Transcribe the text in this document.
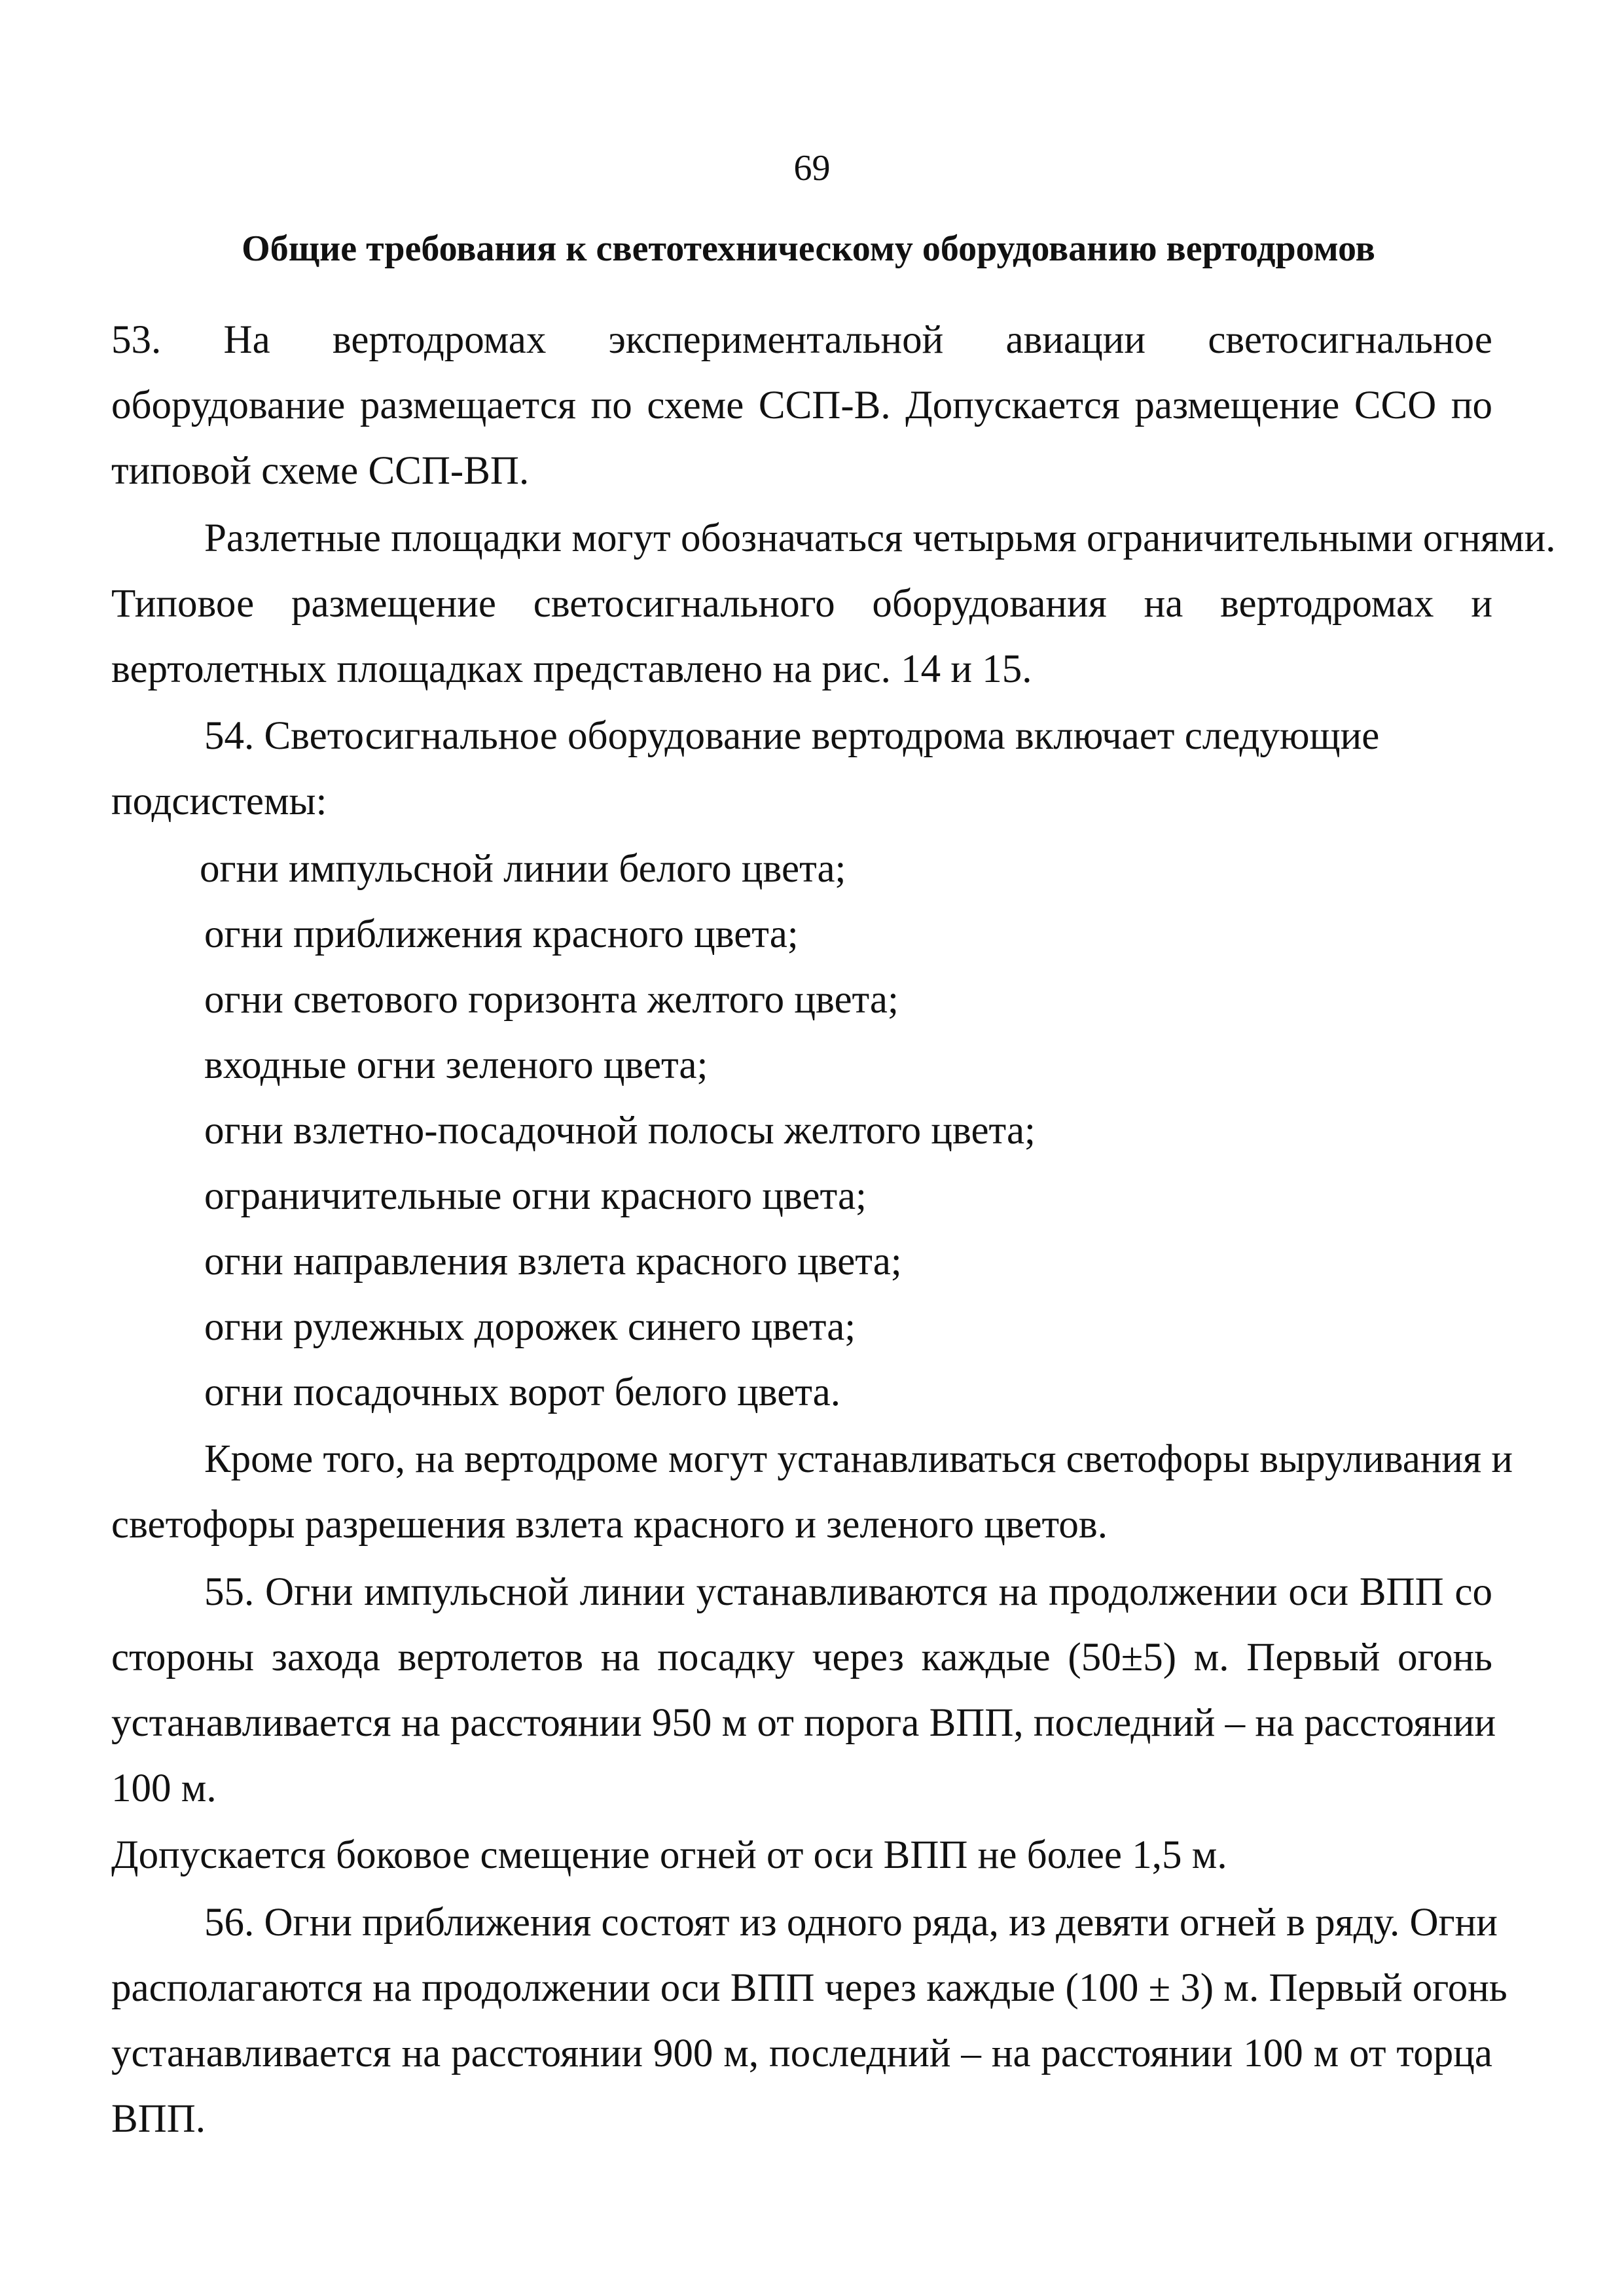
69
Общие требования к светотехническому оборудованию вертодромов
53. На вертодромах экспериментальной авиации светосигнальное
оборудование размещается по схеме ССП-В. Допускается размещение ССО по
типовой схеме ССП-ВП.
Разлетные площадки могут обозначаться четырьмя ограничительными огнями.
Типовое размещение светосигнального оборудования на вертодромах и
вертолетных площадках представлено на рис. 14 и 15.
54. Светосигнальное оборудование вертодрома включает следующие
подсистемы:
огни импульсной линии белого цвета;
огни приближения красного цвета;
огни светового горизонта желтого цвета;
входные огни зеленого цвета;
огни взлетно-посадочной полосы желтого цвета;
ограничительные огни красного цвета;
огни направления взлета красного цвета;
огни рулежных дорожек синего цвета;
огни посадочных ворот белого цвета.
Кроме того, на вертодроме могут устанавливаться светофоры выруливания и
светофоры разрешения взлета красного и зеленого цветов.
55. Огни импульсной линии устанавливаются на продолжении оси ВПП со
стороны захода вертолетов на посадку через каждые (50±5) м. Первый огонь
устанавливается на расстоянии 950 м от порога ВПП, последний – на расстоянии
100 м.
Допускается боковое смещение огней от оси ВПП не более 1,5 м.
56. Огни приближения состоят из одного ряда, из девяти огней в ряду. Огни
располагаются на продолжении оси ВПП через каждые (100 ± 3) м. Первый огонь
устанавливается на расстоянии 900 м, последний – на расстоянии 100 м от торца
ВПП.
